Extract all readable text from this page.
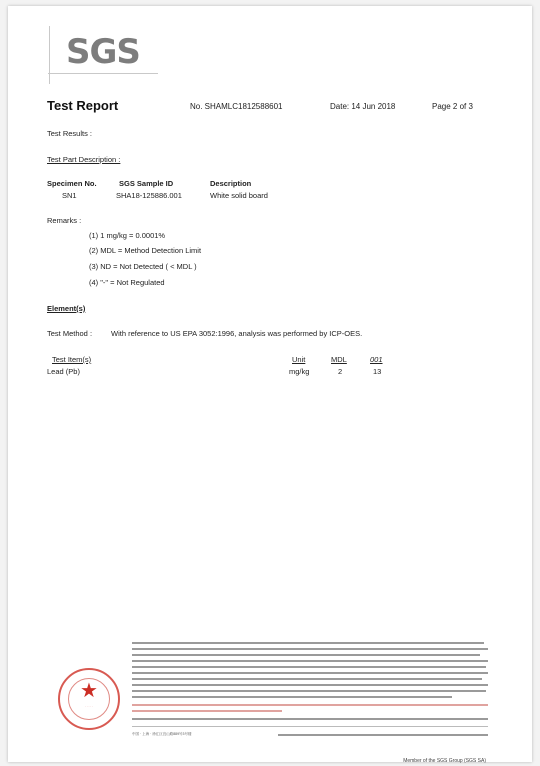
SGS
Test Report	No. SHAMLC1812588601	Date: 14 Jun 2018	Page 2 of 3
Test Results :
Test Part Description :
Specimen No.	SGS Sample ID	Description
SN1	SHA18-125886.001	White solid board
Remarks :
(1) 1 mg/kg = 0.0001%
(2) MDL = Method Detection Limit
(3) ND = Not Detected ( < MDL )
(4) "-" = Not Regulated
Element(s)
Test Method :	With reference to US EPA 3052:1996, analysis was performed by ICP-OES.
Test Item(s)	Unit	MDL	001
Lead (Pb)	mg/kg	2	13
★
· · · · ·
中国 · 上海 · 徐汇区宜山路889号3号楼
Member of the SGS Group (SGS SA)
